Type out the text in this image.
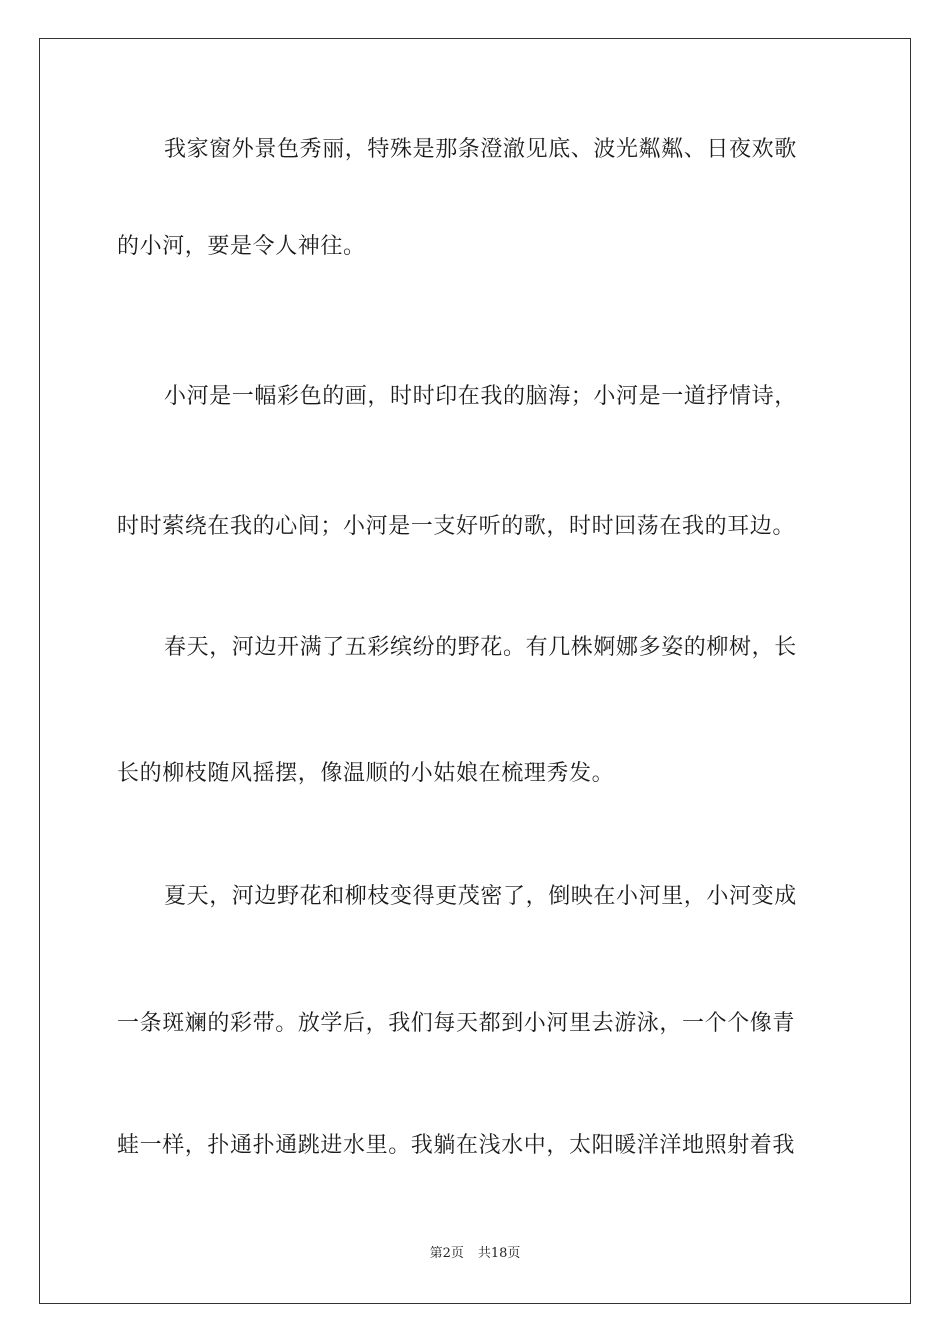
我家窗外景色秀丽，特殊是那条澄澈见底、波光粼粼、日夜欢歌
的小河，要是令人神往。
小河是一幅彩色的画，时时印在我的脑海；小河是一道抒情诗，
时时萦绕在我的心间；小河是一支好听的歌，时时回荡在我的耳边。
春天，河边开满了五彩缤纷的野花。有几株婀娜多姿的柳树，长
长的柳枝随风摇摆，像温顺的小姑娘在梳理秀发。
夏天，河边野花和柳枝变得更茂密了，倒映在小河里，小河变成
一条斑斓的彩带。放学后，我们每天都到小河里去游泳，一个个像青
蛙一样，扑通扑通跳进水里。我躺在浅水中，太阳暖洋洋地照射着我
第2页 共18页
